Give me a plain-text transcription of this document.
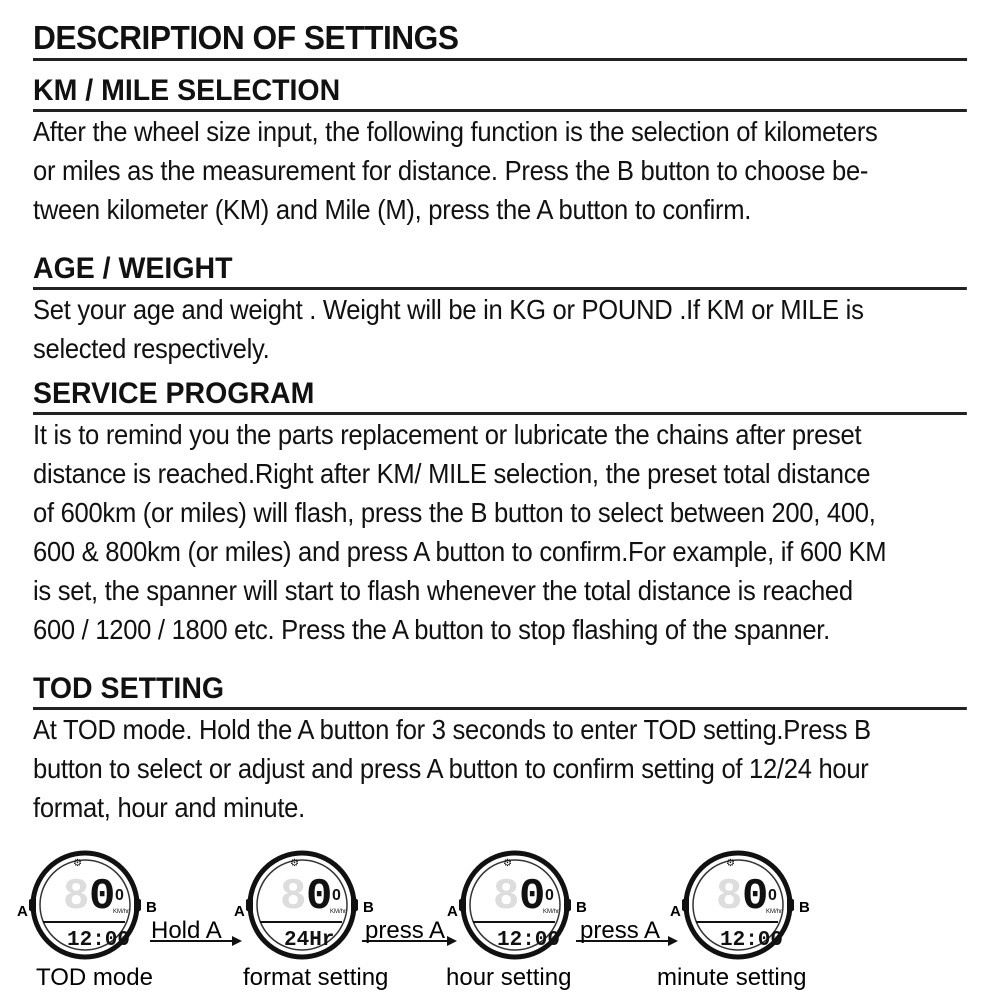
DESCRIPTION OF SETTINGS
KM / MILE SELECTION
After the wheel size input, the following function is the selection of kilometers
or miles as the measurement for distance. Press the B button to choose be-
tween kilometer (KM) and Mile (M), press the A button to confirm.
AGE / WEIGHT
Set your age and weight . Weight will be in KG or POUND .If KM or MILE is
selected respectively.
SERVICE PROGRAM
It is to remind you the parts replacement or lubricate the chains after preset
distance is reached.Right after KM/ MILE selection, the preset total distance
of 600km (or miles) will flash, press the B button to select between 200, 400,
600 & 800km (or miles) and press A button to confirm.For example, if 600 KM
is set, the spanner will start to flash whenever the total distance is reached
600 / 1200 / 1800 etc. Press the A button to stop flashing of the spanner.
TOD SETTING
At TOD mode. Hold the A button for 3 seconds to enter TOD setting.Press B
button to select or adjust and press A button to confirm setting of 12/24 hour
format, hour and minute.
A	B
8 0 0
KM/hr
12:00
⚙
A	B
8 0 0
KM/hr
24Hr
⚙
A	B
8 0 0
KM/hr
12:00
⚙
A	B
8 0 0
KM/hr
12:00
⚙
Hold A	press A	press A
TOD mode	format setting hour setting	minute setting
